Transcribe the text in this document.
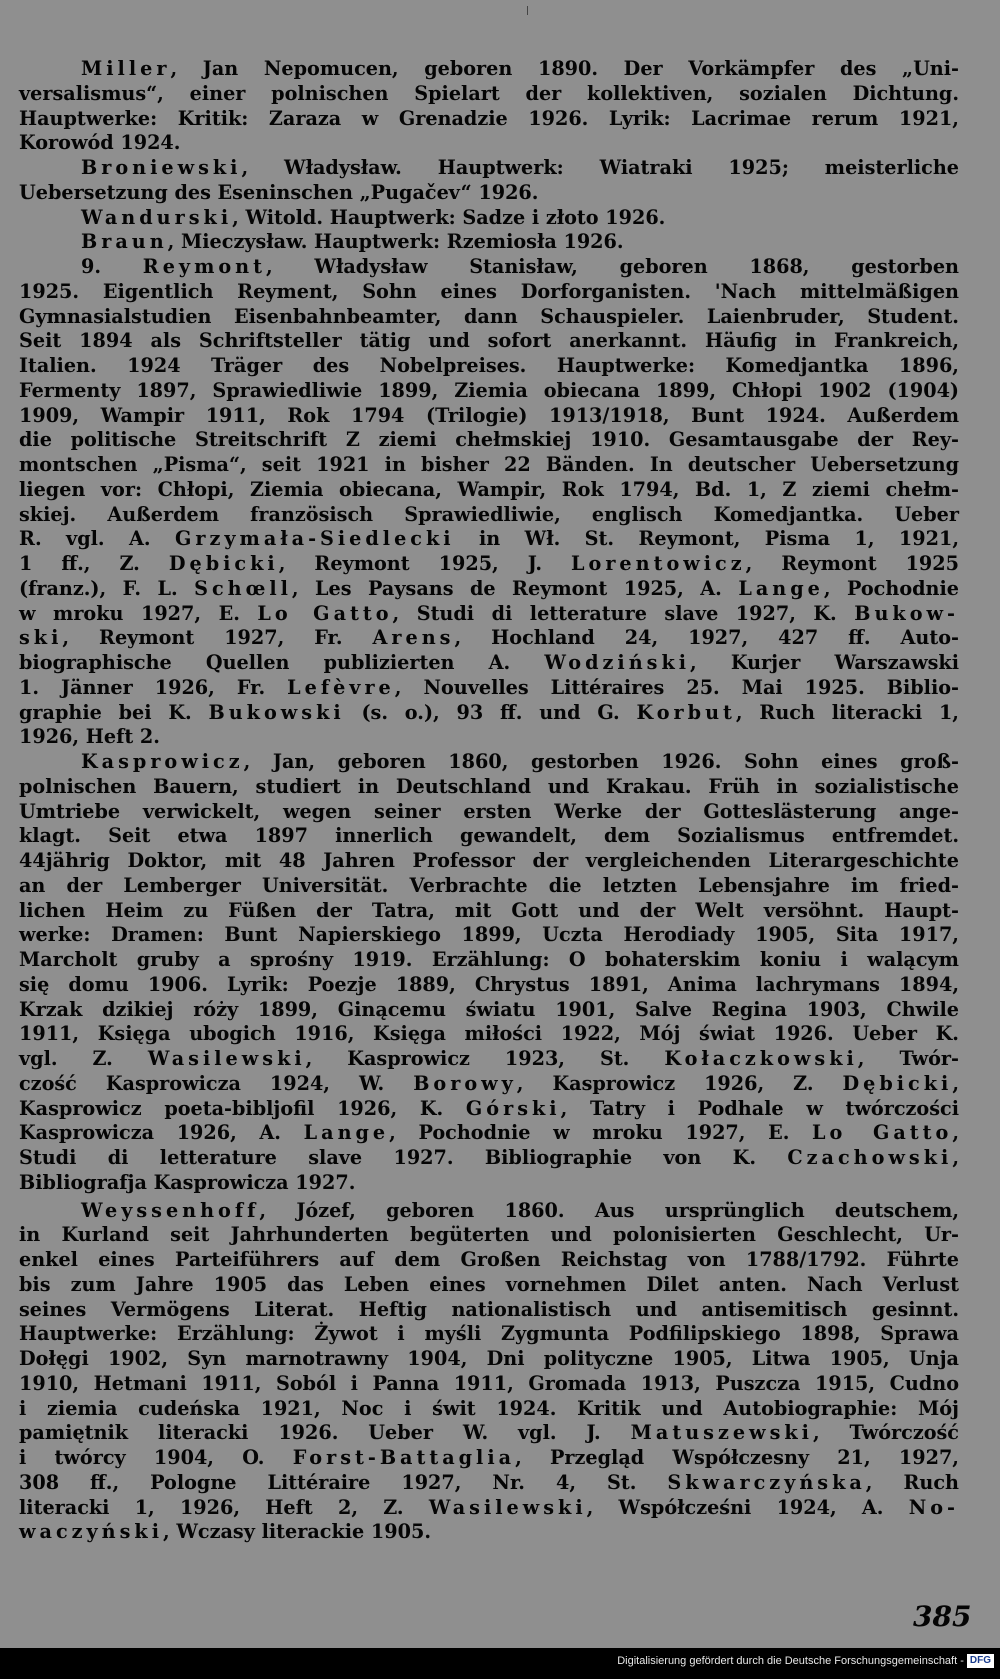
Miller, Jan Nepomucen, geboren 1890. Der Vorkämpfer des „Uni-
versalismus“, einer polnischen Spielart der kollektiven, sozialen Dichtung.
Hauptwerke: Kritik: Zaraza w Grenadzie 1926. Lyrik: Lacrimae rerum 1921,
Korowód 1924.
Broniewski, Władysław. Hauptwerk: Wiatraki 1925; meisterliche
Uebersetzung des Eseninschen „Pugačev“ 1926.
Wandurski, Witold. Hauptwerk: Sadze i złoto 1926.
Braun, Mieczysław. Hauptwerk: Rzemiosła 1926.
9. Reymont, Władysław Stanisław, geboren 1868, gestorben
1925. Eigentlich Reyment, Sohn eines Dorforganisten. 'Nach mittelmäßigen
Gymnasialstudien Eisenbahnbeamter, dann Schauspieler. Laienbruder, Student.
Seit 1894 als Schriftsteller tätig und sofort anerkannt. Häufig in Frankreich,
Italien. 1924 Träger des Nobelpreises. Hauptwerke: Komedjantka 1896,
Fermenty 1897, Sprawiedliwie 1899, Ziemia obiecana 1899, Chłopi 1902 (1904)
1909, Wampir 1911, Rok 1794 (Trilogie) 1913/1918, Bunt 1924. Außerdem
die politische Streitschrift Z ziemi chełmskiej 1910. Gesamtausgabe der Rey-
montschen „Pisma“, seit 1921 in bisher 22 Bänden. In deutscher Uebersetzung
liegen vor: Chłopi, Ziemia obiecana, Wampir, Rok 1794, Bd. 1, Z ziemi chełm-
skiej. Außerdem französisch Sprawiedliwie, englisch Komedjantka. Ueber
R. vgl. A. Grzymała-Siedlecki in Wł. St. Reymont, Pisma 1, 1921,
1 ff., Z. Dębicki, Reymont 1925, J. Lorentowicz, Reymont 1925
(franz.), F. L. Schœll, Les Paysans de Reymont 1925, A. Lange, Pochodnie
w mroku 1927, E. Lo Gatto, Studi di letterature slave 1927, K. Bukow-
ski, Reymont 1927, Fr. Arens, Hochland 24, 1927, 427 ff. Auto-
biographische Quellen publizierten A. Wodziński, Kurjer Warszawski
1. Jänner 1926, Fr. Lefèvre, Nouvelles Littéraires 25. Mai 1925. Biblio-
graphie bei K. Bukowski (s. o.), 93 ff. und G. Korbut, Ruch literacki 1,
1926, Heft 2.
Kasprowicz, Jan, geboren 1860, gestorben 1926. Sohn eines groß-
polnischen Bauern, studiert in Deutschland und Krakau. Früh in sozialistische
Umtriebe verwickelt, wegen seiner ersten Werke der Gotteslästerung ange-
klagt. Seit etwa 1897 innerlich gewandelt, dem Sozialismus entfremdet.
44jährig Doktor, mit 48 Jahren Professor der vergleichenden Literargeschichte
an der Lemberger Universität. Verbrachte die letzten Lebensjahre im fried-
lichen Heim zu Füßen der Tatra, mit Gott und der Welt versöhnt. Haupt-
werke: Dramen: Bunt Napierskiego 1899, Uczta Herodiady 1905, Sita 1917,
Marcholt gruby a sprośny 1919. Erzählung: O bohaterskim koniu i walącym
się domu 1906. Lyrik: Poezje 1889, Chrystus 1891, Anima lachrymans 1894,
Krzak dzikiej róży 1899, Ginącemu światu 1901, Salve Regina 1903, Chwile
1911, Księga ubogich 1916, Księga miłości 1922, Mój świat 1926. Ueber K.
vgl. Z. Wasilewski, Kasprowicz 1923, St. Kołaczkowski, Twór-
czość Kasprowicza 1924, W. Borowy, Kasprowicz 1926, Z. Dębicki,
Kasprowicz poeta-bibljofil 1926, K. Górski, Tatry i Podhale w twórczości
Kasprowicza 1926, A. Lange, Pochodnie w mroku 1927, E. Lo Gatto,
Studi di letterature slave 1927. Bibliographie von K. Czachowski,
Bibliografja Kasprowicza 1927.
Weyssenhoff, Józef, geboren 1860. Aus ursprünglich deutschem,
in Kurland seit Jahrhunderten begüterten und polonisierten Geschlecht, Ur-
enkel eines Parteiführers auf dem Großen Reichstag von 1788/1792. Führte
bis zum Jahre 1905 das Leben eines vornehmen Dilet anten. Nach Verlust
seines Vermögens Literat. Heftig nationalistisch und antisemitisch gesinnt.
Hauptwerke: Erzählung: Żywot i myśli Zygmunta Podfilipskiego 1898, Sprawa
Dołęgi 1902, Syn marnotrawny 1904, Dni polityczne 1905, Litwa 1905, Unja
1910, Hetmani 1911, Soból i Panna 1911, Gromada 1913, Puszcza 1915, Cudno
i ziemia cudeńska 1921, Noc i świt 1924. Kritik und Autobiographie: Mój
pamiętnik literacki 1926. Ueber W. vgl. J. Matuszewski, Twórczość
i twórcy 1904, O. Forst-Battaglia, Przegląd Współczesny 21, 1927,
308 ff., Pologne Littéraire 1927, Nr. 4, St. Skwarczyńska, Ruch
literacki 1, 1926, Heft 2, Z. Wasilewski, Współcześni 1924, A. No-
waczyński, Wczasy literackie 1905.
385
Digitalisierung gefördert durch die Deutsche Forschungsgemeinschaft - DFG
